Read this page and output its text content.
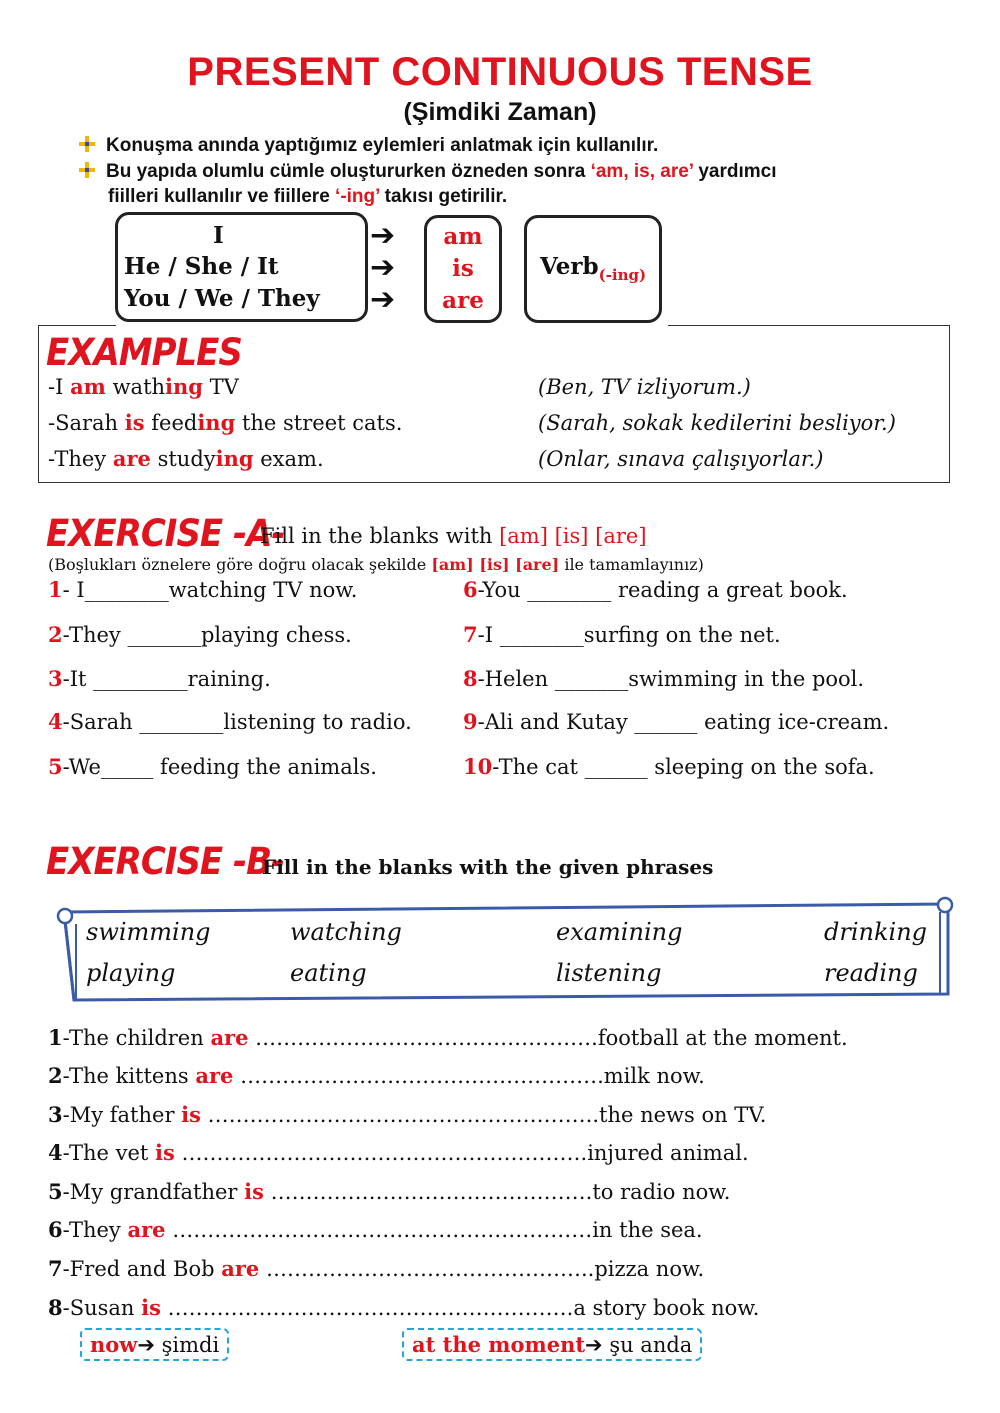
PRESENT CONTINUOUS TENSE
(Şimdiki Zaman)
Konuşma anında yaptığımız eylemleri anlatmak için kullanılır.
Bu yapıda olumlu cümle oluştururken özneden sonra ‘am, is, are’ yardımcı
fiilleri kullanılır ve fiillere ‘-ing’ takısı getirilir.
I
He / She / It
You / We / They
➔
➔
➔
am
is
are
Verb$_{(-ing)}$
EXAMPLES
-I am wathing TV	(Ben, TV izliyorum.)
-Sarah is feeding the street cats.	(Sarah, sokak kedilerini besliyor.)
-They are studying exam.	(Onlar, sınava çalışıyorlar.)
EXERCISE -A-
Fill in the blanks with [am] [is] [are]
(Boşlukları öznelere göre doğru olacak şekilde [am] [is] [are] ile tamamlayınız)
1- I________watching TV now.
2-They _______playing chess.
3-It _________raining.
4-Sarah ________listening to radio.
5-We_____ feeding the animals.
6-You ________ reading a great book.
7-I ________surfing on the net.
8-Helen _______swimming in the pool.
9-Ali and Kutay ______ eating ice-cream.
10-The cat ______ sleeping on the sofa.
EXERCISE -B-
Fill in the blanks with the given phrases
swimming	watching	examining	drinking
playing	eating	listening	reading
1-The children are ………………………………………….football at the moment.
2-The kittens are …………………………………………….milk now.
3-My father is ………………………………………………..the news on TV.
4-The vet is ………………………………………………….injured animal.
5-My grandfather is ……………………………………….to radio now.
6-They are ……………………………………………………in the sea.
7-Fred and Bob are ………………………………………..pizza now.
8-Susan is ………………………………………………….a story book now.
now➔ şimdi	at the moment➔ şu anda
